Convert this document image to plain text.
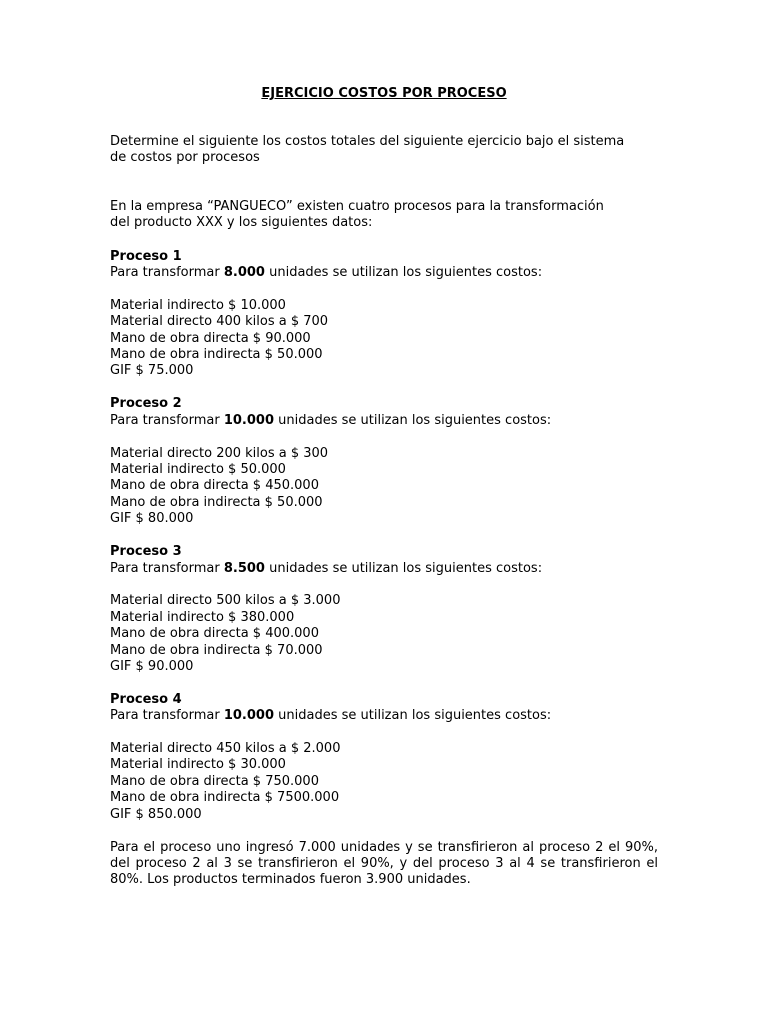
EJERCICIO COSTOS POR PROCESO

Determine el siguiente los costos totales del siguiente ejercicio bajo el sistema
de costos por procesos
En la empresa “PANGUECO” existen cuatro procesos para la transformación
del producto XXX y los siguientes datos:

Proceso 1

Para transformar 8.000 unidades se utilizan los siguientes costos:

Material indirecto $ 10.000
Material directo 400 kilos a $ 700
Mano de obra directa $ 90.000
Mano de obra indirecta $ 50.000
GIF $ 75.000

Proceso 2

Para transformar 10.000 unidades se utilizan los siguientes costos:

Material directo 200 kilos a $ 300
Material indirecto $ 50.000
Mano de obra directa $ 450.000
Mano de obra indirecta $ 50.000
GIF $ 80.000

Proceso 3

Para transformar 8.500 unidades se utilizan los siguientes costos:

Material directo 500 kilos a $ 3.000
Material indirecto $ 380.000
Mano de obra directa $ 400.000
Mano de obra indirecta $ 70.000
GIF $ 90.000

Proceso 4

Para transformar 10.000 unidades se utilizan los siguientes costos:

Material directo 450 kilos a $ 2.000
Material indirecto $ 30.000
Mano de obra directa $ 750.000
Mano de obra indirecta $ 7500.000
GIF $ 850.000
Para el proceso uno ingresó 7.000 unidades y se transfirieron al proceso 2 el 90%,
del proceso 2 al 3 se transfirieron el 90%, y del proceso 3 al 4 se transfirieron el
80%. Los productos terminados fueron 3.900 unidades.
